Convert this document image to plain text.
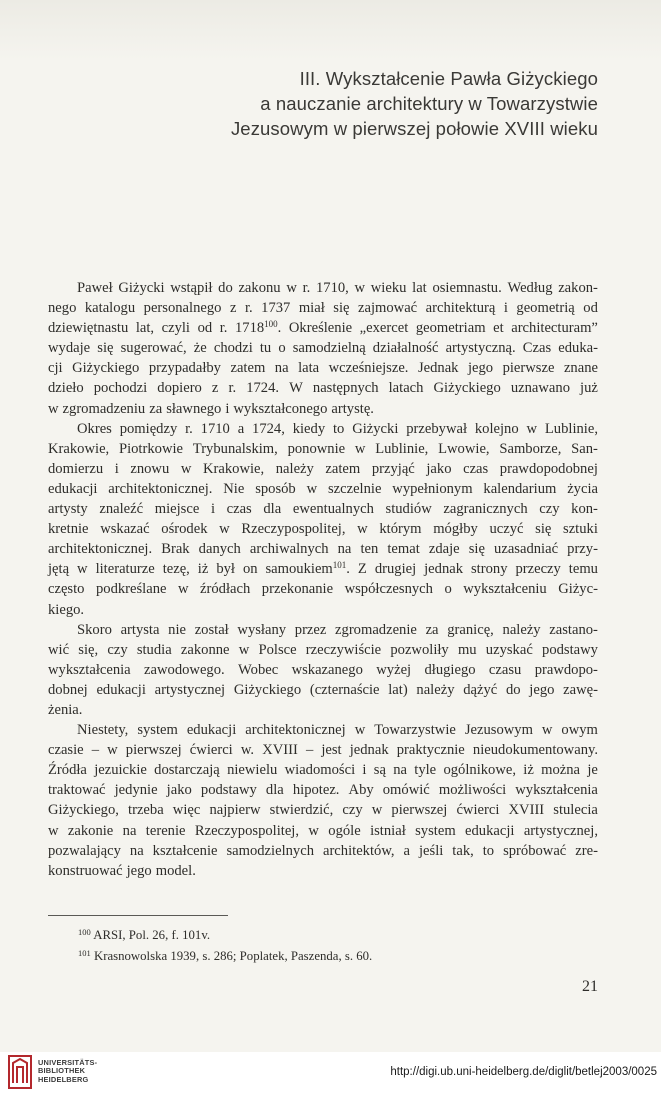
III. Wykształcenie Pawła Giżyckiego
a nauczanie architektury w Towarzystwie
Jezusowym w pierwszej połowie XVIII wieku
Paweł Giżycki wstąpił do zakonu w r. 1710, w wieku lat osiemnastu. Według zakon-
nego katalogu personalnego z r. 1737 miał się zajmować architekturą i geometrią od
dziewiętnastu lat, czyli od r. 1718$^{100}$. Określenie „exercet geometriam et architecturam”
wydaje się sugerować, że chodzi tu o samodzielną działalność artystyczną. Czas eduka-
cji Giżyckiego przypadałby zatem na lata wcześniejsze. Jednak jego pierwsze znane
dzieło pochodzi dopiero z r. 1724. W następnych latach Giżyckiego uznawano już
w zgromadzeniu za sławnego i wykształconego artystę.
Okres pomiędzy r. 1710 a 1724, kiedy to Giżycki przebywał kolejno w Lublinie,
Krakowie, Piotrkowie Trybunalskim, ponownie w Lublinie, Lwowie, Samborze, San-
domierzu i znowu w Krakowie, należy zatem przyjąć jako czas prawdopodobnej
edukacji architektonicznej. Nie sposób w szczelnie wypełnionym kalendarium życia
artysty znaleźć miejsce i czas dla ewentualnych studiów zagranicznych czy kon-
kretnie wskazać ośrodek w Rzeczypospolitej, w którym mógłby uczyć się sztuki
architektonicznej. Brak danych archiwalnych na ten temat zdaje się uzasadniać przy-
jętą w literaturze tezę, iż był on samoukiem$^{101}$. Z drugiej jednak strony przeczy temu
często podkreślane w źródłach przekonanie współczesnych o wykształceniu Giżyc-
kiego.
Skoro artysta nie został wysłany przez zgromadzenie za granicę, należy zastano-
wić się, czy studia zakonne w Polsce rzeczywiście pozwoliły mu uzyskać podstawy
wykształcenia zawodowego. Wobec wskazanego wyżej długiego czasu prawdopo-
dobnej edukacji artystycznej Giżyckiego (czternaście lat) należy dążyć do jego zawę-
żenia.
Niestety, system edukacji architektonicznej w Towarzystwie Jezusowym w owym
czasie – w pierwszej ćwierci w. XVIII – jest jednak praktycznie nieudokumentowany.
Źródła jezuickie dostarczają niewielu wiadomości i są na tyle ogólnikowe, iż można je
traktować jedynie jako podstawy dla hipotez. Aby omówić możliwości wykształcenia
Giżyckiego, trzeba więc najpierw stwierdzić, czy w pierwszej ćwierci XVIII stulecia
w zakonie na terenie Rzeczypospolitej, w ogóle istniał system edukacji artystycznej,
pozwalający na kształcenie samodzielnych architektów, a jeśli tak, to spróbować zre-
konstruować jego model.
$^{100}$ ARSI, Pol. 26, f. 101v.
$^{101}$ Krasnowolska 1939, s. 286; Poplatek, Paszenda, s. 60.
21
UNIVERSITÄTS-
BIBLIOTHEK
HEIDELBERG
http://digi.ub.uni-heidelberg.de/diglit/betlej2003/0025
